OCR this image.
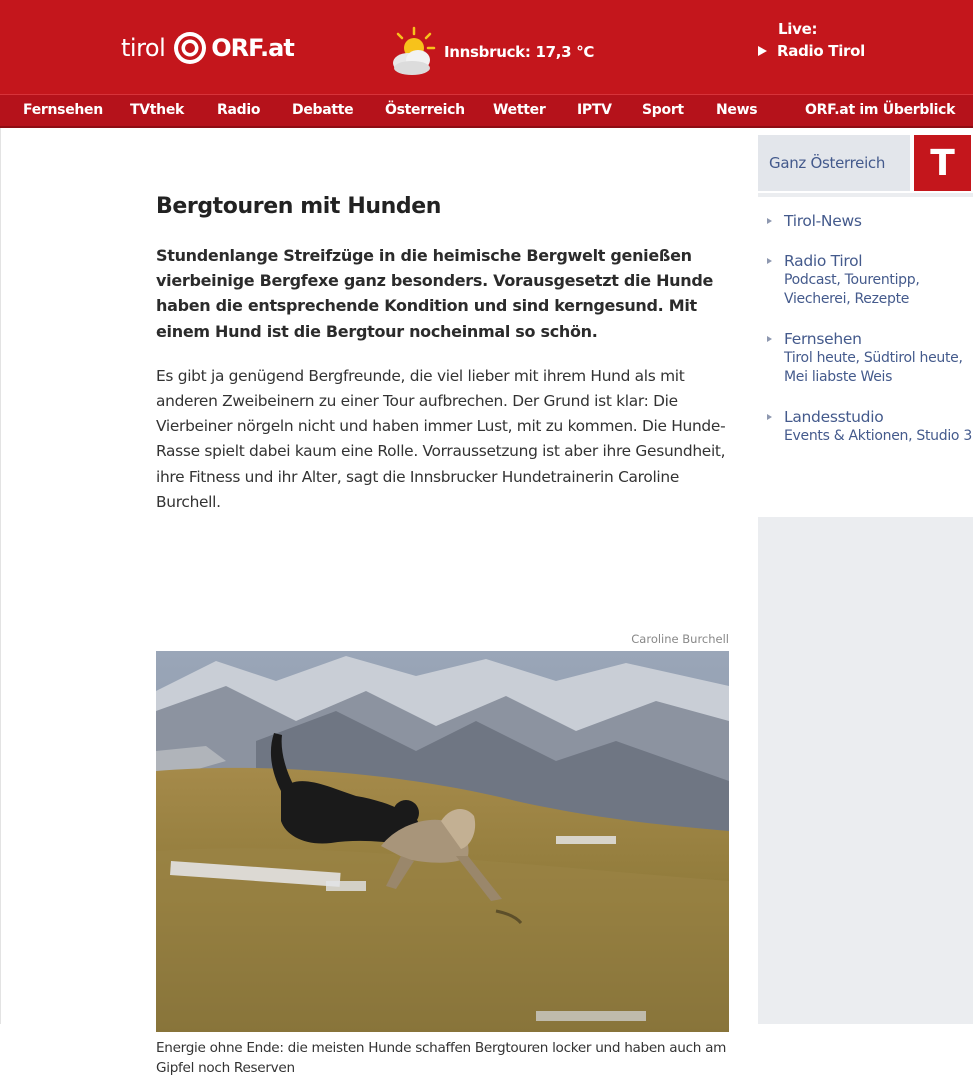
tirol ORF.at	Innsbruck: 17,3 °C
Live:
Radio Tirol
Fernsehen TVthek Radio Debatte Österreich Wetter IPTV Sport News	ORF.at im Überblick
Bergtouren mit Hunden

Stundenlange Streifzüge in die heimische Bergwelt genießen vierbeinige Bergfexe ganz besonders. Vorausgesetzt die Hunde haben die entsprechende Kondition und sind kerngesund. Mit einem Hund ist die Bergtour nocheinmal so schön.

Es gibt ja genügend Bergfreunde, die viel lieber mit ihrem Hund als mit anderen Zweibeinern zu einer Tour aufbrechen. Der Grund ist klar: Die Vierbeiner nörgeln nicht und haben immer Lust, mit zu kommen. Die Hunde-Rasse spielt dabei kaum eine Rolle. Vorraussetzung ist aber ihre Gesundheit, ihre Fitness und ihr Alter, sagt die Innsbrucker Hundetrainerin Caroline Burchell.

Caroline Burchell

Energie ohne Ende: die meisten Hunde schaffen Bergtouren locker und haben auch am Gipfel noch Reserven

Ganz Österreich T
Tirol-News
Radio Tirol
Podcast, Tourentipp, Viecherei, Rezepte
Fernsehen
Tirol heute, Südtirol heute, Mei liabste Weis
Landesstudio
Events & Aktionen, Studio 3
